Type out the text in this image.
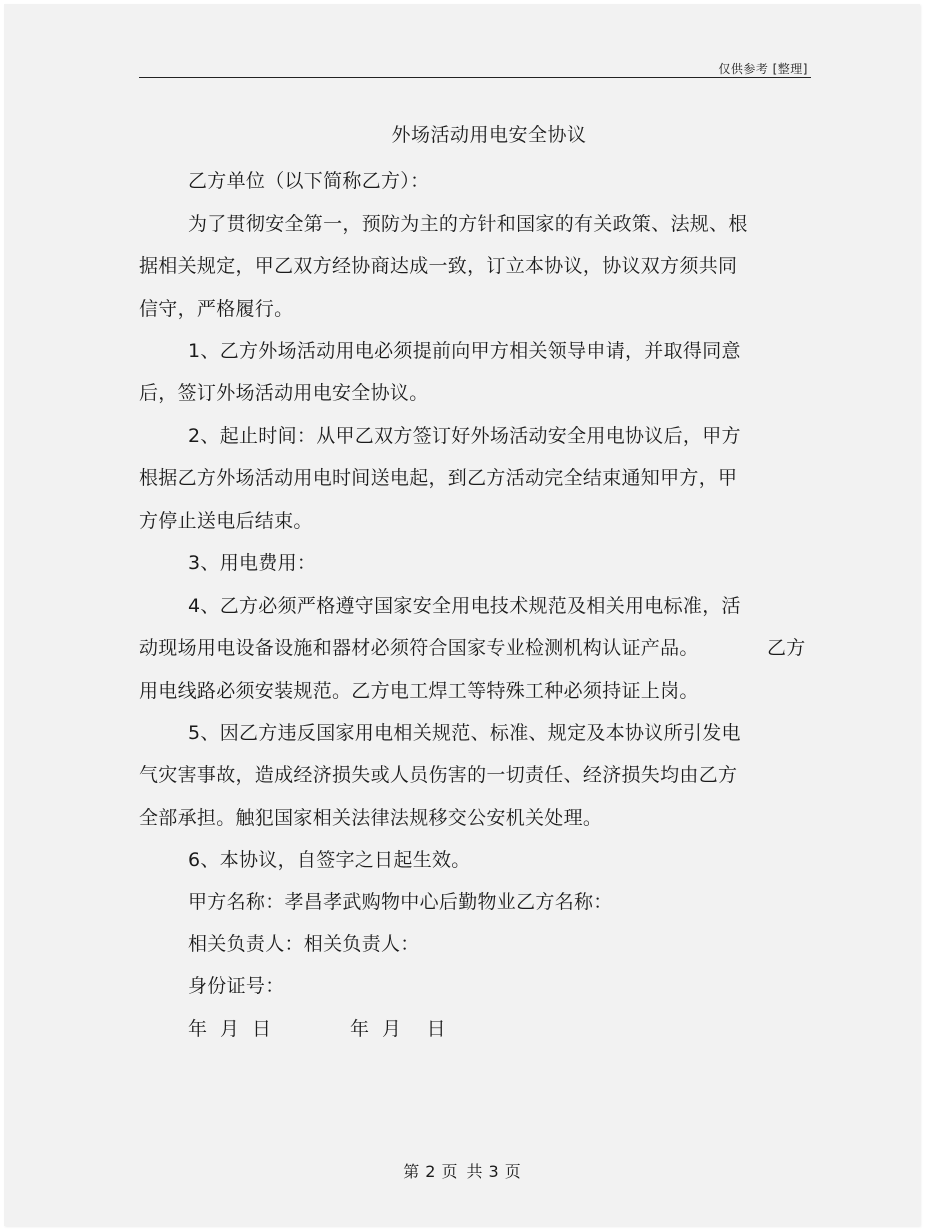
仅供参考 [整理]
外场活动用电安全协议
乙方单位（以下简称乙方）：
为了贯彻安全第一，预防为主的方针和国家的有关政策、法规、根
据相关规定，甲乙双方经协商达成一致，订立本协议，协议双方须共同
信守，严格履行。
1、乙方外场活动用电必须提前向甲方相关领导申请，并取得同意
后，签订外场活动用电安全协议。
2、起止时间：从甲乙双方签订好外场活动安全用电协议后，甲方
根据乙方外场活动用电时间送电起，到乙方活动完全结束通知甲方，甲
方停止送电后结束。
3、用电费用：
4、乙方必须严格遵守国家安全用电技术规范及相关用电标准，活
动现场用电设备设施和器材必须符合国家专业检测机构认证产品。	乙方
用电线路必须安装规范。乙方电工焊工等特殊工种必须持证上岗。
5、因乙方违反国家用电相关规范、标准、规定及本协议所引发电
气灾害事故，造成经济损失或人员伤害的一切责任、经济损失均由乙方
全部承担。触犯国家相关法律法规移交公安机关处理。
6、本协议，自签字之日起生效。
甲方名称：孝昌孝武购物中心后勤物业乙方名称：
相关负责人：相关负责人：
身份证号：
年  月  日	年  月    日
第 2 页 共 3 页
